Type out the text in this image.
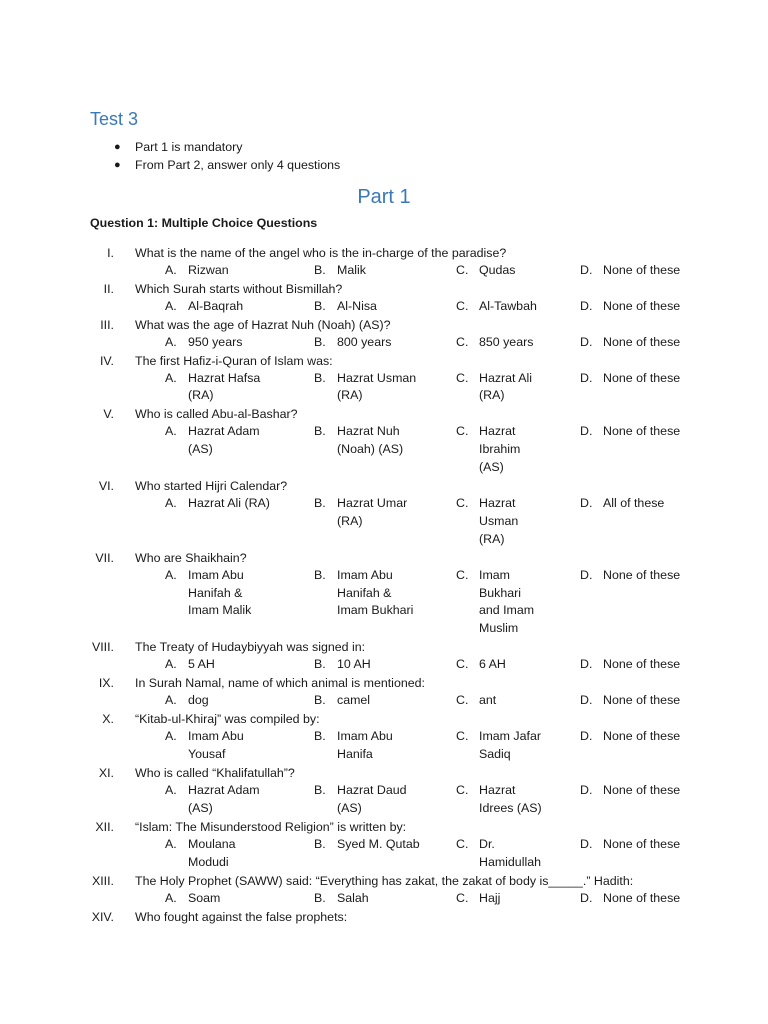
Test 3
● Part 1 is mandatory
● From Part 2, answer only 4 questions
Part 1
Question 1: Multiple Choice Questions
I. What is the name of the angel who is the in-charge of the paradise?
A. Rizwan	B. Malik	C. Qudas	D. None of these
II. Which Surah starts without Bismillah?
A. Al-Baqrah	B. Al-Nisa	C. Al-Tawbah	D. None of these
III. What was the age of Hazrat Nuh (Noah) (AS)?
A. 950 years	B. 800 years	C. 850 years	D. None of these
IV. The first Hafiz-i-Quran of Islam was:
A. Hazrat Hafsa
(RA)
B. Hazrat Usman
(RA)
C. Hazrat Ali
(RA)
D. None of these
V. Who is called Abu-al-Bashar?
A. Hazrat Adam
(AS)
B. Hazrat Nuh
(Noah) (AS)
C. Hazrat
Ibrahim
(AS)
D. None of these
VI. Who started Hijri Calendar?
A. Hazrat Ali (RA)	B. Hazrat Umar
(RA)
C. Hazrat
Usman
(RA)
D. All of these
VII. Who are Shaikhain?
A. Imam Abu
Hanifah &
Imam Malik
B. Imam Abu
Hanifah &
Imam Bukhari
C. Imam
Bukhari
and Imam
Muslim
D. None of these
VIII. The Treaty of Hudaybiyyah was signed in:
A. 5 AH	B. 10 AH	C. 6 AH	D. None of these
IX. In Surah Namal, name of which animal is mentioned:
A. dog	B. camel	C. ant	D. None of these
X. “Kitab-ul-Khiraj” was compiled by:
A. Imam Abu
Yousaf
B. Imam Abu
Hanifa
C. Imam Jafar
Sadiq
D. None of these
XI. Who is called “Khalifatullah”?
A. Hazrat Adam
(AS)
B. Hazrat Daud
(AS)
C. Hazrat
Idrees (AS)
D. None of these
XII. “Islam: The Misunderstood Religion” is written by:
A. Moulana
Modudi
B. Syed M. Qutab	C. Dr.
Hamidullah
D. None of these
XIII. The Holy Prophet (SAWW) said: “Everything has zakat, the zakat of body is_____.” Hadith:
A. Soam	B. Salah	C. Hajj	D. None of these
XIV. Who fought against the false prophets:
